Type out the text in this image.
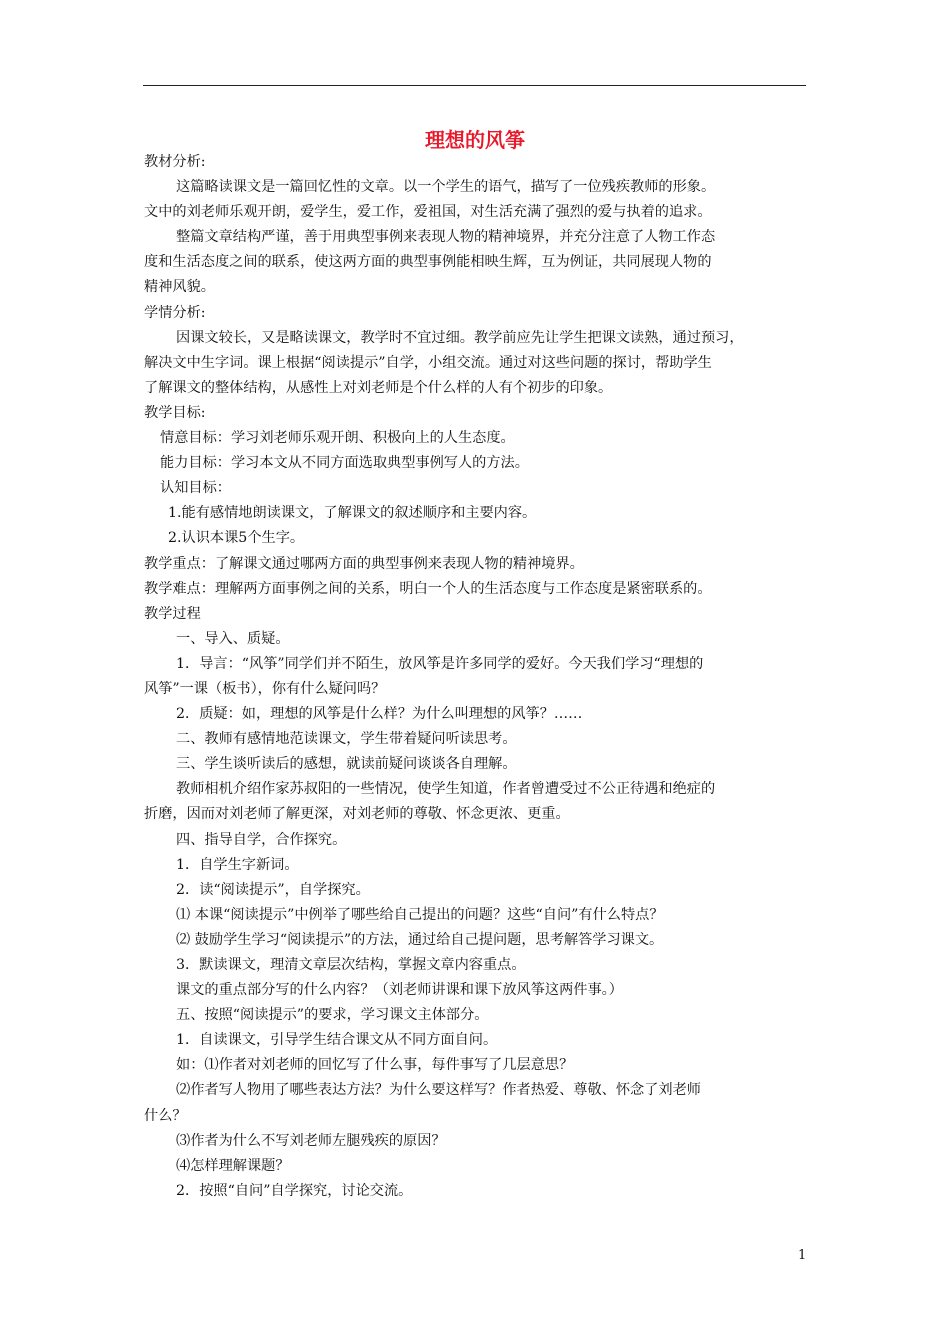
理想的风筝

教材分析:

这篇略读课文是一篇回忆性的文章。以一个学生的语气，描写了一位残疾教师的形象。

文中的刘老师乐观开朗，爱学生，爱工作，爱祖国，对生活充满了强烈的爱与执着的追求。

整篇文章结构严谨，善于用典型事例来表现人物的精神境界，并充分注意了人物工作态

度和生活态度之间的联系，使这两方面的典型事例能相映生辉，互为例证，共同展现人物的

精神风貌。

学情分析:

因课文较长，又是略读课文，教学时不宜过细。教学前应先让学生把课文读熟，通过预习，

解决文中生字词。课上根据“阅读提示”自学，小组交流。通过对这些问题的探讨，帮助学生

了解课文的整体结构，从感性上对刘老师是个什么样的人有个初步的印象。

教学目标:

情意目标：学习刘老师乐观开朗、积极向上的人生态度。

能力目标：学习本文从不同方面选取典型事例写人的方法。

认知目标：

1.能有感情地朗读课文，了解课文的叙述顺序和主要内容。

2.认识本课5个生字。

教学重点：了解课文通过哪两方面的典型事例来表现人物的精神境界。

教学难点：理解两方面事例之间的关系，明白一个人的生活态度与工作态度是紧密联系的。

教学过程

一、导入、质疑。

1．导言：“风筝”同学们并不陌生，放风筝是许多同学的爱好。今天我们学习“理想的

风筝”一课（板书），你有什么疑问吗？

2．质疑：如，理想的风筝是什么样？为什么叫理想的风筝？……

二、教师有感情地范读课文，学生带着疑问听读思考。

三、学生谈听读后的感想，就读前疑问谈谈各自理解。

教师相机介绍作家苏叔阳的一些情况，使学生知道，作者曾遭受过不公正待遇和绝症的

折磨，因而对刘老师了解更深，对刘老师的尊敬、怀念更浓、更重。

四、指导自学，合作探究。

1．自学生字新词。

2．读“阅读提示”，自学探究。

⑴ 本课“阅读提示”中例举了哪些给自己提出的问题？这些“自问”有什么特点？

⑵ 鼓励学生学习“阅读提示”的方法，通过给自己提问题，思考解答学习课文。

3．默读课文，理清文章层次结构，掌握文章内容重点。

课文的重点部分写的什么内容？（刘老师讲课和课下放风筝这两件事。）

五、按照“阅读提示”的要求，学习课文主体部分。

1．自读课文，引导学生结合课文从不同方面自问。

如：⑴作者对刘老师的回忆写了什么事，每件事写了几层意思？

⑵作者写人物用了哪些表达方法？为什么要这样写？作者热爱、尊敬、怀念了刘老师

什么？

⑶作者为什么不写刘老师左腿残疾的原因？

⑷怎样理解课题？

2．按照“自问”自学探究，讨论交流。

1
